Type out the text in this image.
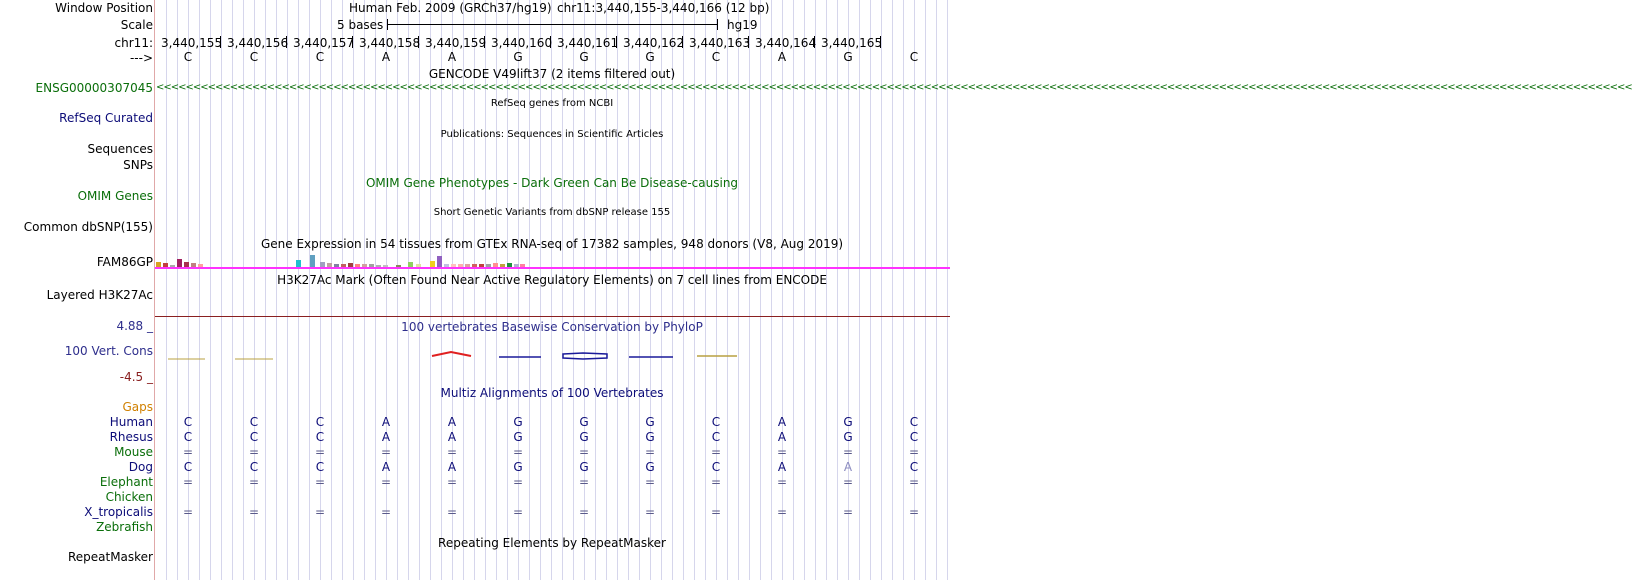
Window Position
Scale
chr11:
--->
Human Feb. 2009 (GRCh37/hg19) chr11:3,440,155-3,440,166 (12 bp)
5 bases	hg19
3,440,155 3,440,156 3,440,157 3,440,158 3,440,159 3,440,160 3,440,161 3,440,162 3,440,163 3,440,164 3,440,165
C	C	C	A	A	G	G	G	C	A	G	C
GENCODE V49lift37 (2 items filtered out)
ENSG00000307045 <<<<<<<<<<<<<<<<<<<<<<<<<<<<<<<<<<<<<<<<<<<<<<<<<<<<<<<<<<<<<<<<<<<<<<<<<<<<<<<<<<<<<<<<<<<<<<<<<<<<<<<<<<<<<<<<<<<<<<<<<<<<<<<<<<<<<<<<<<<<<<<<<<<<<<<<<<<<<<<<<<<<<<<<<<<<<<<<<<<<<<<<<<<<<<<<<<<<<<<<
RefSeq genes from NCBI
RefSeq Curated
Publications: Sequences in Scientific Articles
Sequences
SNPs
OMIM Gene Phenotypes - Dark Green Can Be Disease-causing
OMIM Genes
Short Genetic Variants from dbSNP release 155
Common dbSNP(155)
Gene Expression in 54 tissues from GTEx RNA-seq of 17382 samples, 948 donors (V8, Aug 2019)
FAM86GP
H3K27Ac Mark (Often Found Near Active Regulatory Elements) on 7 cell lines from ENCODE
Layered H3K27Ac
100 vertebrates Basewise Conservation by PhyloP
4.88 _
100 Vert. Cons
-4.5 _
Multiz Alignments of 100 Vertebrates
Gaps
Human	C	C	C	A	A	G	G	G	C	A	G	C
Rhesus	C	C	C	A	A	G	G	G	C	A	G	C
Mouse =	=	=	=	=	=	=	=	=	=	=	=
Dog	C	C	C	A	A	G	G	G	C	A	A	C
Elephant =	=	=	=	=	=	=	=	=	=	=	=
Chicken
X_tropicalis =	=	=	=	=	=	=	=	=	=	=	=
Zebrafish
Repeating Elements by RepeatMasker
RepeatMasker
